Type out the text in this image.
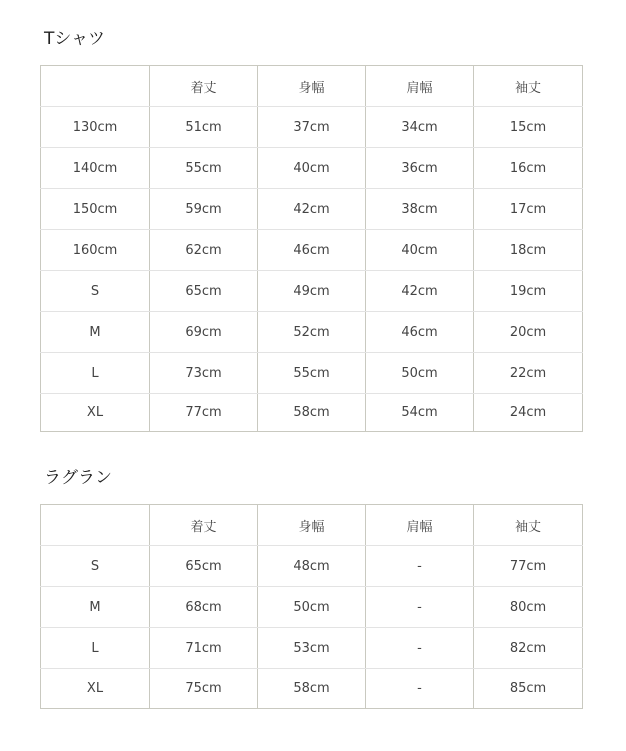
Tシャツ
	着丈	身幅	肩幅	袖丈
130cm	51cm	37cm	34cm	15cm
140cm	55cm	40cm	36cm	16cm
150cm	59cm	42cm	38cm	17cm
160cm	62cm	46cm	40cm	18cm
S	65cm	49cm	42cm	19cm
M	69cm	52cm	46cm	20cm
L	73cm	55cm	50cm	22cm
XL	77cm	58cm	54cm	24cm
ラグラン
	着丈	身幅	肩幅	袖丈
S	65cm	48cm	-	77cm
M	68cm	50cm	-	80cm
L	71cm	53cm	-	82cm
XL	75cm	58cm	-	85cm
